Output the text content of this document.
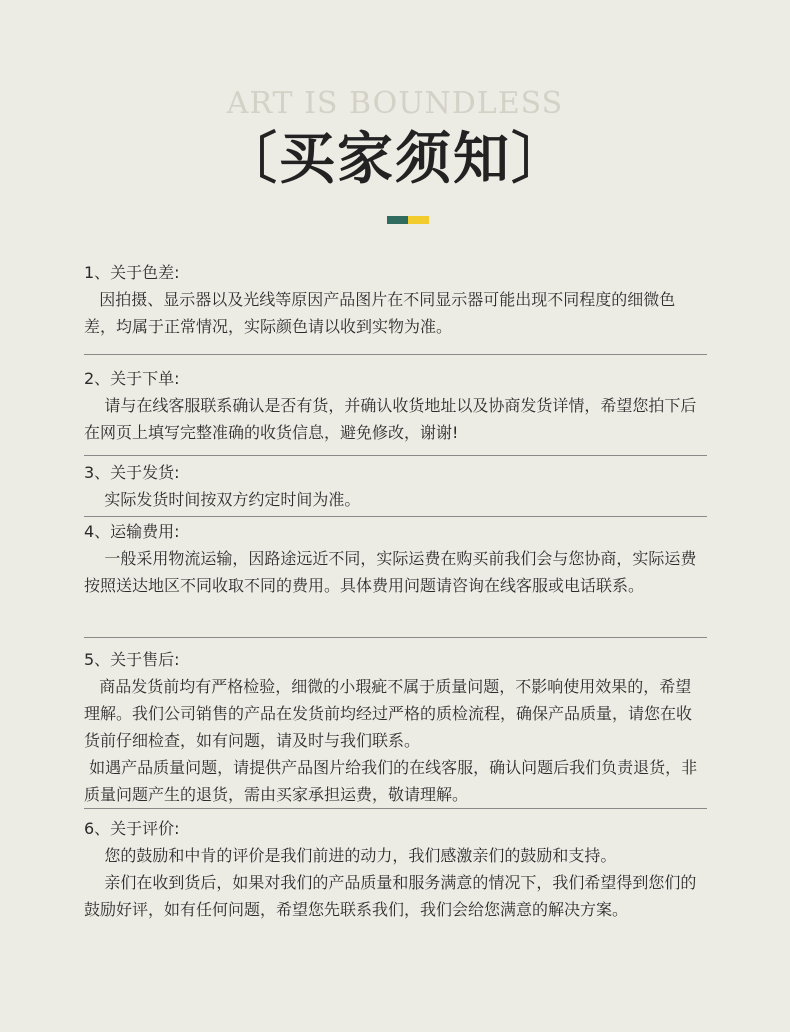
ART IS BOUNDLESS
〔买家须知〕
1、关于色差:
因拍摄、显示器以及光线等原因产品图片在不同显示器可能出现不同程度的细微色差，均属于正常情况，实际颜色请以收到实物为准。
2、关于下单:
请与在线客服联系确认是否有货，并确认收货地址以及协商发货详情，希望您拍下后在网页上填写完整准确的收货信息，避免修改，谢谢!
3、关于发货:
实际发货时间按双方约定时间为准。
4、运输费用:
一般采用物流运输，因路途远近不同，实际运费在购买前我们会与您协商，实际运费按照送达地区不同收取不同的费用。具体费用问题请咨询在线客服或电话联系。
5、关于售后:
商品发货前均有严格检验，细微的小瑕疵不属于质量问题，不影响使用效果的，希望理解。我们公司销售的产品在发货前均经过严格的质检流程，确保产品质量，请您在收货前仔细检查，如有问题，请及时与我们联系。
如遇产品质量问题，请提供产品图片给我们的在线客服，确认问题后我们负责退货，非质量问题产生的退货，需由买家承担运费，敬请理解。
6、关于评价:
您的鼓励和中肯的评价是我们前进的动力，我们感激亲们的鼓励和支持。
亲们在收到货后，如果对我们的产品质量和服务满意的情况下，我们希望得到您们的鼓励好评，如有任何问题，希望您先联系我们，我们会给您满意的解决方案。
